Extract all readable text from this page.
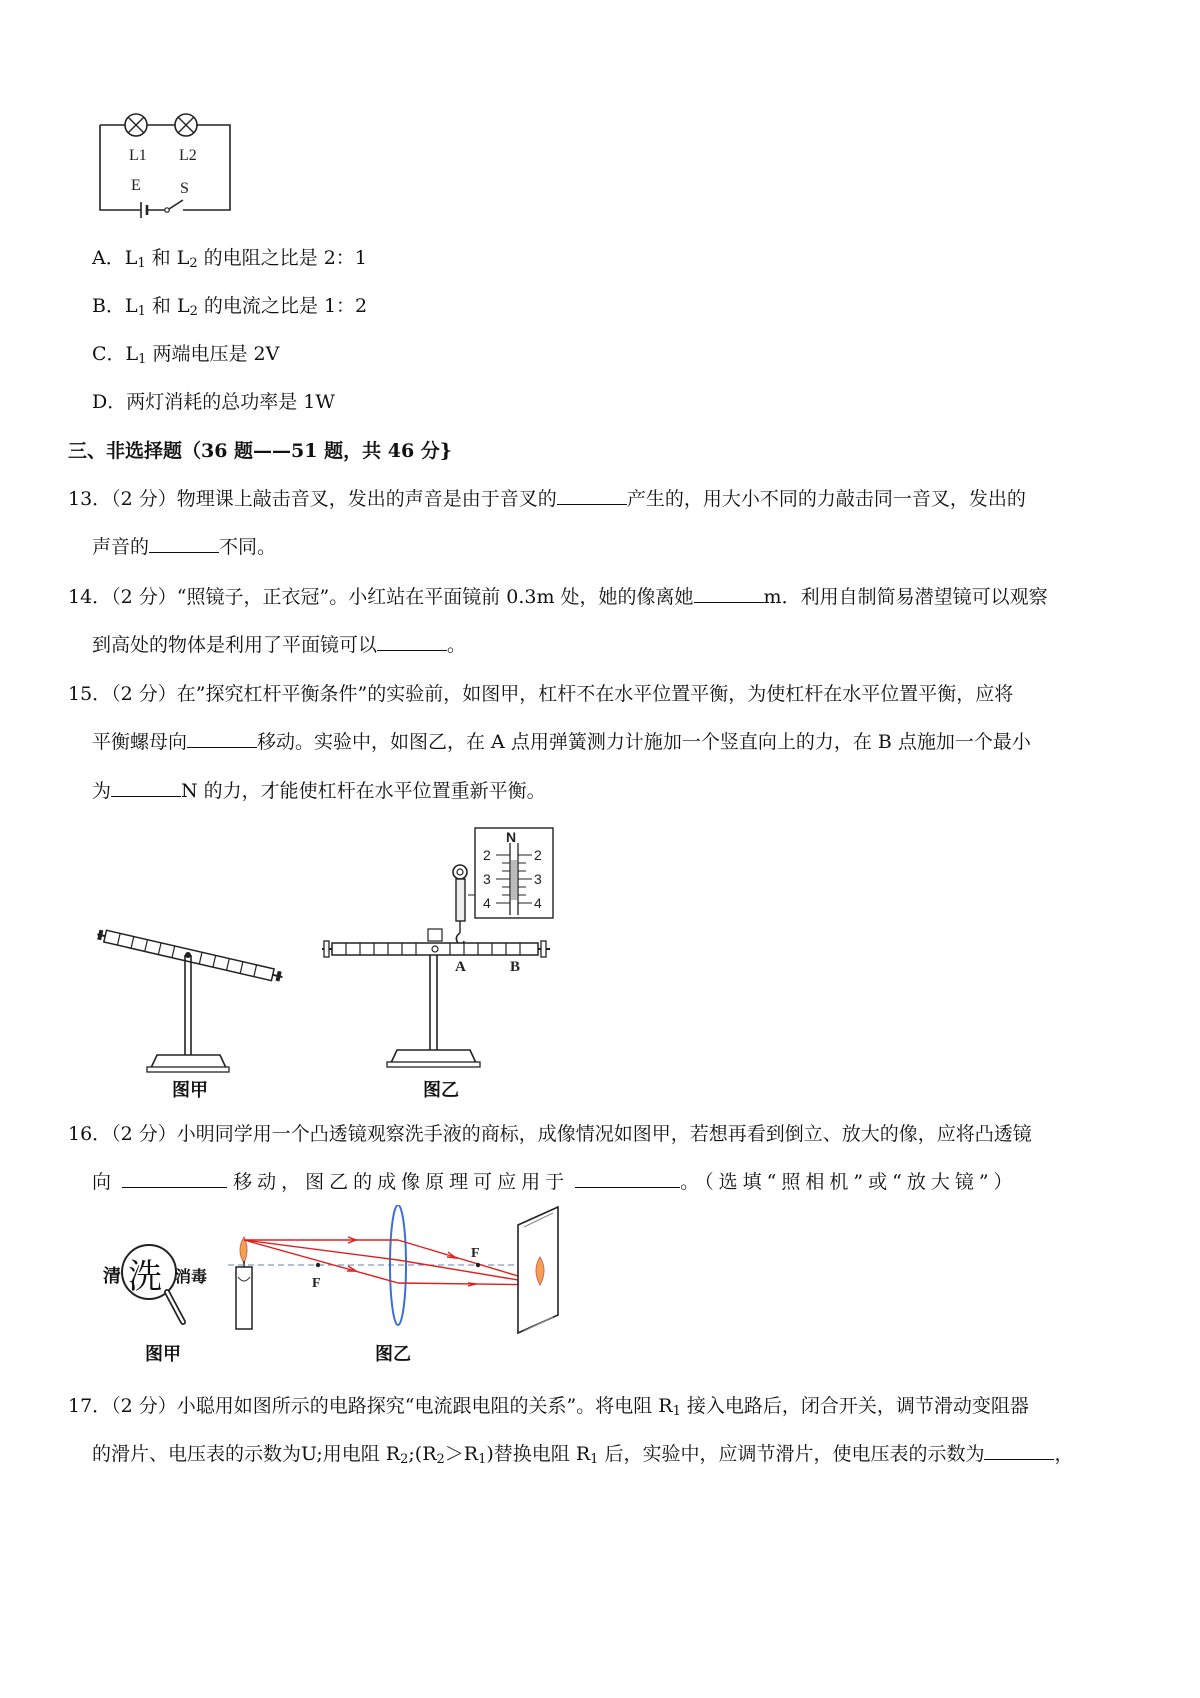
L1 L2
E S
A．$L_1$ 和 $L_2$ 的电阻之比是 2：1
B．$L_1$ 和 $L_2$ 的电流之比是 1：2
C．$L_1$ 两端电压是 2V
D．两灯消耗的总功率是 1W
三、非选择题（36 题——51 题，共 46 分}
13．（2 分）物理课上敲击音叉，发出的声音是由于音叉的	产生的，用大小不同的力敲击同一音叉，发出的
声音的	不同。
14．（2 分）“照镜子，正衣冠”。小红站在平面镜前 0.3m 处，她的像离她	m．利用自制简易潜望镜可以观察
到高处的物体是利用了平面镜可以	。
15．（2 分）在”探究杠杆平衡条件”的实验前，如图甲，杠杆不在水平位置平衡，为使杠杆在水平位置平衡，应将
平衡螺母向	移动。实验中，如图乙，在 A 点用弹簧测力计施加一个竖直向上的力，在 B 点施加一个最小
为	N 的力，才能使杠杆在水平位置重新平衡。
图甲
N
2
3
4
2
3
4
A	B
图乙
16．（2 分）小明同学用一个凸透镜观察洗手液的商标，成像情况如图甲，若想再看到倒立、放大的像，应将凸透镜
向	移动，图乙的成像原理可应用于	。（选填“照相机”或“放大镜”）
清 洗 消毒
图甲
F
F
图乙
17．（2 分）小聪用如图所示的电路探究“电流跟电阻的关系”。将电阻 $R_1$ 接入电路后，闭合开关，调节滑动变阻器
的滑片、电压表的示数为U;用电阻 $R_2;(R_2>R_1)$替换电阻 $R_1$ 后，实验中，应调节滑片，使电压表的示数为	，
